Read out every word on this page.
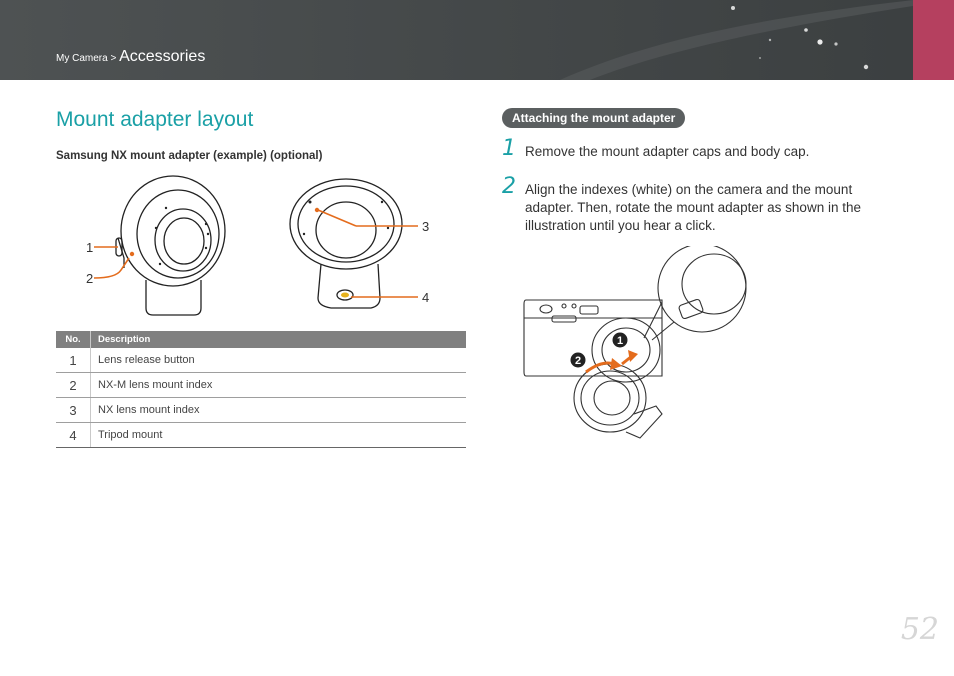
My Camera > Accessories
Mount adapter layout
Samsung NX mount adapter (example) (optional)
1
2
3
4
No.	Description
1	Lens release button
2	NX-M lens mount index
3	NX lens mount index
4	Tripod mount
Attaching the mount adapter
1 Remove the mount adapter caps and body cap.
2 Align the indexes (white) on the camera and the mount adapter. Then, rotate the mount adapter as shown in the illustration until you hear a click.
1
2
52
